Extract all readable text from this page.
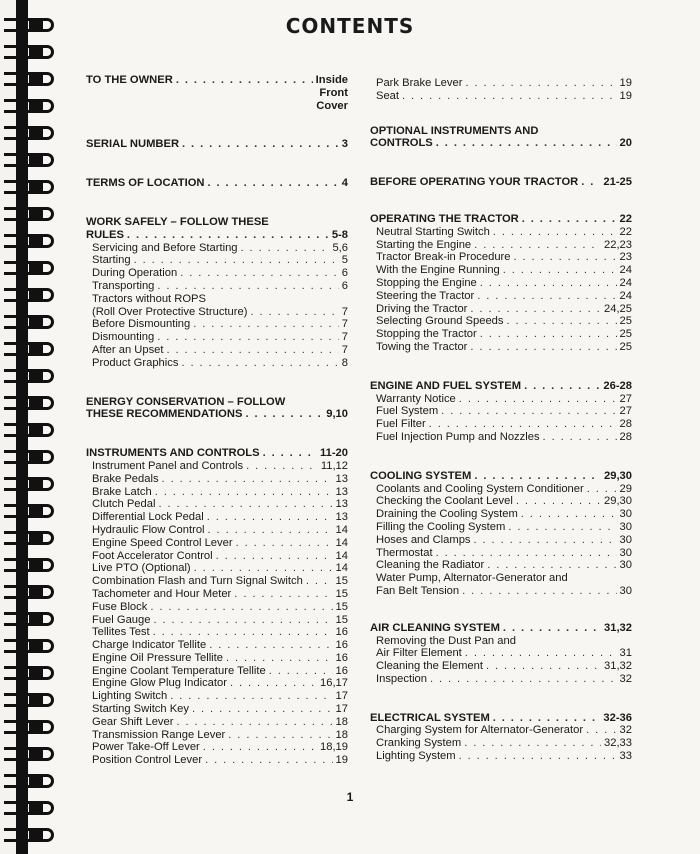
CONTENTS
TO THE OWNER . . .	Inside
Front
Cover
SERIAL NUMBER . . .	3
TERMS OF LOCATION . . .	4
WORK SAFELY – FOLLOW THESE
RULES . . .	5-8
Servicing and Before Starting . . .	5,6
Starting . . .	5
During Operation . . .	6
Transporting . . .	6
Tractors without ROPS
(Roll Over Protective Structure) . . .	7
Before Dismounting . . .	7
Dismounting . . .	7
After an Upset . . .	7
Product Graphics . . .	8
ENERGY CONSERVATION – FOLLOW
THESE RECOMMENDATIONS . . .	9,10
INSTRUMENTS AND CONTROLS . . .	11-20
Instrument Panel and Controls . . .	11,12
Brake Pedals . . .	13
Brake Latch . . .	13
Clutch Pedal . . .	13
Differential Lock Pedal . . .	13
Hydraulic Flow Control . . .	14
Engine Speed Control Lever . . .	14
Foot Accelerator Control . . .	14
Live PTO (Optional) . . .	14
Combination Flash and Turn Signal Switch . . .	15
Tachometer and Hour Meter . . .	15
Fuse Block . . .	15
Fuel Gauge . . .	15
Tellites Test . . .	16
Charge Indicator Tellite . . .	16
Engine Oil Pressure Tellite . . .	16
Engine Coolant Temperature Tellite . . .	16
Engine Glow Plug Indicator . . .	16,17
Lighting Switch . . .	17
Starting Switch Key . . .	17
Gear Shift Lever . . .	18
Transmission Range Lever . . .	18
Power Take-Off Lever . . .	18,19
Position Control Lever . . .	19
Park Brake Lever . . .	19
Seat . . .	19
OPTIONAL INSTRUMENTS AND
CONTROLS . . .	20
BEFORE OPERATING YOUR TRACTOR . . . 21-25
OPERATING THE TRACTOR . . .	22
Neutral Starting Switch . . .	22
Starting the Engine . . .	22,23
Tractor Break-in Procedure . . .	23
With the Engine Running . . .	24
Stopping the Engine . . .	24
Steering the Tractor . . .	24
Driving the Tractor . . .	24,25
Selecting Ground Speeds . . .	25
Stopping the Tractor . . .	25
Towing the Tractor . . .	25
ENGINE AND FUEL SYSTEM . . .	26-28
Warranty Notice . . .	27
Fuel System . . .	27
Fuel Filter . . .	28
Fuel Injection Pump and Nozzles . . .	28
COOLING SYSTEM . . .	29,30
Coolants and Cooling System Conditioner . . .	29
Checking the Coolant Level . . .	29,30
Draining the Cooling System . . .	30
Filling the Cooling System . . .	30
Hoses and Clamps . . .	30
Thermostat . . .	30
Cleaning the Radiator . . .	30
Water Pump, Alternator-Generator and
Fan Belt Tension . . .	30
AIR CLEANING SYSTEM . . .	31,32
Removing the Dust Pan and
Air Filter Element . . .	31
Cleaning the Element . . .	31,32
Inspection . . .	32
ELECTRICAL SYSTEM . . .	32-36
Charging System for Alternator-Generator . . .	32
Cranking System . . .	32,33
Lighting System . . .	33
1
